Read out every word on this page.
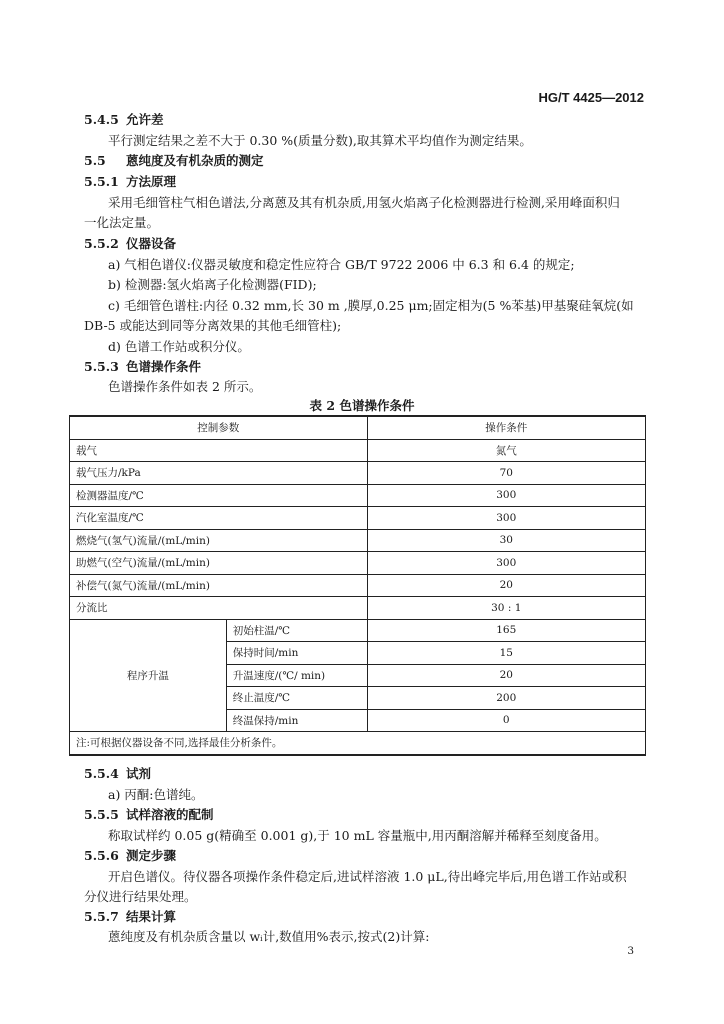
HG/T 4425—2012
5.4.5 允许差
平行测定结果之差不大于 0.30 %(质量分数),取其算术平均值作为测定结果。
5.5 蒽纯度及有机杂质的测定
5.5.1 方法原理
采用毛细管柱气相色谱法,分离蒽及其有机杂质,用氢火焰离子化检测器进行检测,采用峰面积归
一化法定量。
5.5.2 仪器设备
a) 气相色谱仪:仪器灵敏度和稳定性应符合 GB/T 9722 2006 中 6.3 和 6.4 的规定;
b) 检测器:氢火焰离子化检测器(FID);
c) 毛细管色谱柱:内径 0.32 mm,长 30 m ,膜厚,0.25 μm;固定相为(5 %苯基)甲基聚硅氧烷(如
DB-5 或能达到同等分离效果的其他毛细管柱);
d) 色谱工作站或积分仪。
5.5.3 色谱操作条件
色谱操作条件如表 2 所示。
表 2 色谱操作条件
控制参数		操作条件
载气		氮气
载气压力/kPa		70
检测器温度/℃		300
汽化室温度/℃		300
燃烧气(氢气)流量/(mL/min)		30
助燃气(空气)流量/(mL/min)		300
补偿气(氮气)流量/(mL/min)		20
分流比		30 : 1
程序升温	初始柱温/℃	165
	保持时间/min	15
	升温速度/(℃/ min)	20
	终止温度/℃	200
	终温保持/min	0
注:可根据仪器设备不同,选择最佳分析条件。		
5.5.4 试剂
a) 丙酮:色谱纯。
5.5.5 试样溶液的配制
称取试样约 0.05 g(精确至 0.001 g),于 10 mL 容量瓶中,用丙酮溶解并稀释至刻度备用。
5.5.6 测定步骤
开启色谱仪。待仪器各项操作条件稳定后,进试样溶液 1.0 μL,待出峰完毕后,用色谱工作站或积
分仪进行结果处理。
5.5.7 结果计算
蒽纯度及有机杂质含量以 wᵢ计,数值用%表示,按式(2)计算:
3
